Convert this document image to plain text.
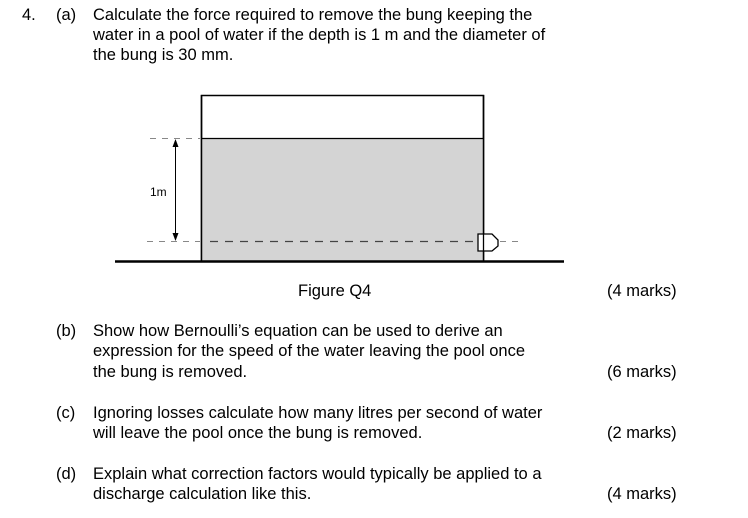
4. (a) Calculate the force required to remove the bung keeping the
water in a pool of water if the depth is 1 m and the diameter of
the bung is 30 mm.
1m
Figure Q4	(4 marks)
(b) Show how Bernoulli’s equation can be used to derive an
expression for the speed of the water leaving the pool once
the bung is removed.	(6 marks)
(c) Ignoring losses calculate how many litres per second of water
will leave the pool once the bung is removed.	(2 marks)
(d) Explain what correction factors would typically be applied to a
discharge calculation like this.	(4 marks)
